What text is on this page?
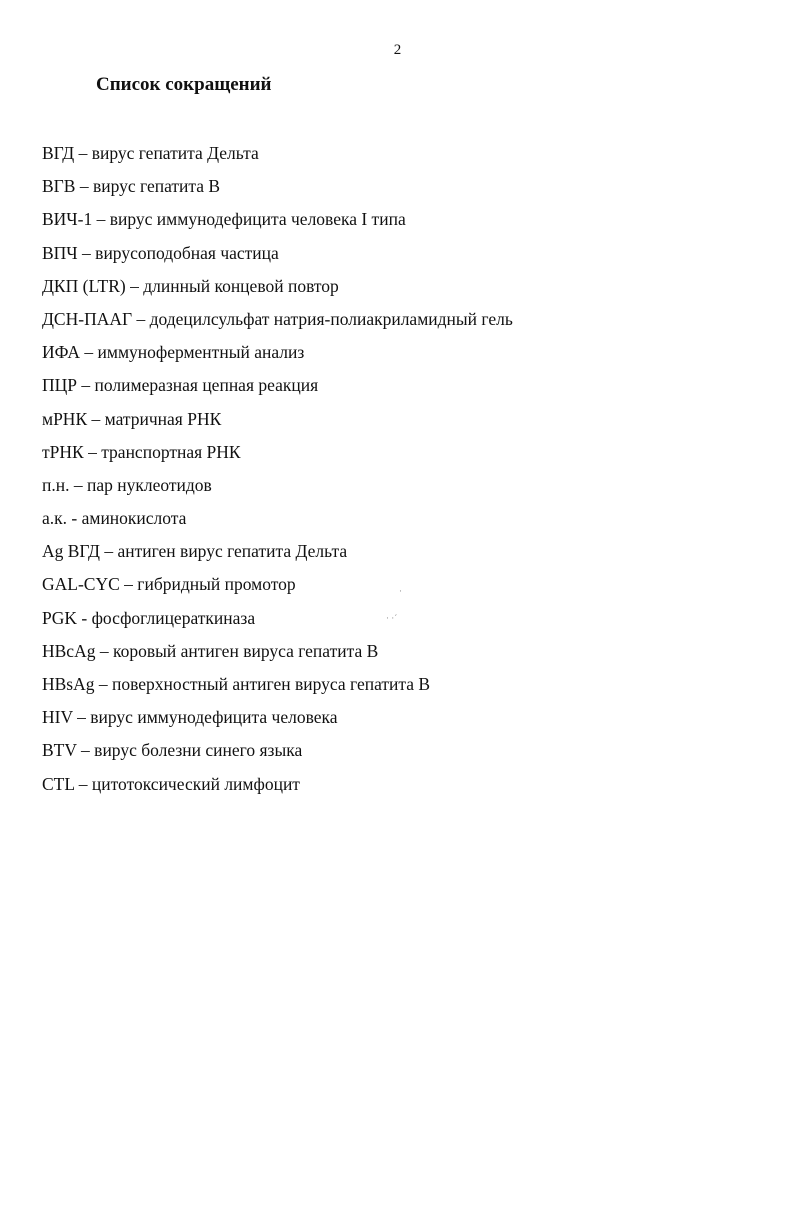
2
Список сокращений
ВГД – вирус гепатита Дельта
ВГВ – вирус гепатита В
ВИЧ-1 – вирус иммунодефицита человека I типа
ВПЧ – вирусоподобная частица
ДКП (LTR) – длинный концевой повтор
ДСН-ПААГ – додецилсульфат натрия-полиакриламидный гель
ИФА – иммуноферментный анализ
ПЦР – полимеразная цепная реакция
мРНК – матричная РНК
тРНК – транспортная РНК
п.н. – пар нуклеотидов
а.к. - аминокислота
Ag ВГД – антиген вирус гепатита Дельта
GAL-CYC – гибридный промотор
PGK - фосфоглицераткиназа
HBcAg – коровый антиген вируса гепатита В
HBsAg – поверхностный антиген вируса гепатита В
HIV – вирус иммунодефицита человека
BTV – вирус болезни синего языка
CTL – цитотоксический лимфоцит
·
· ·´
